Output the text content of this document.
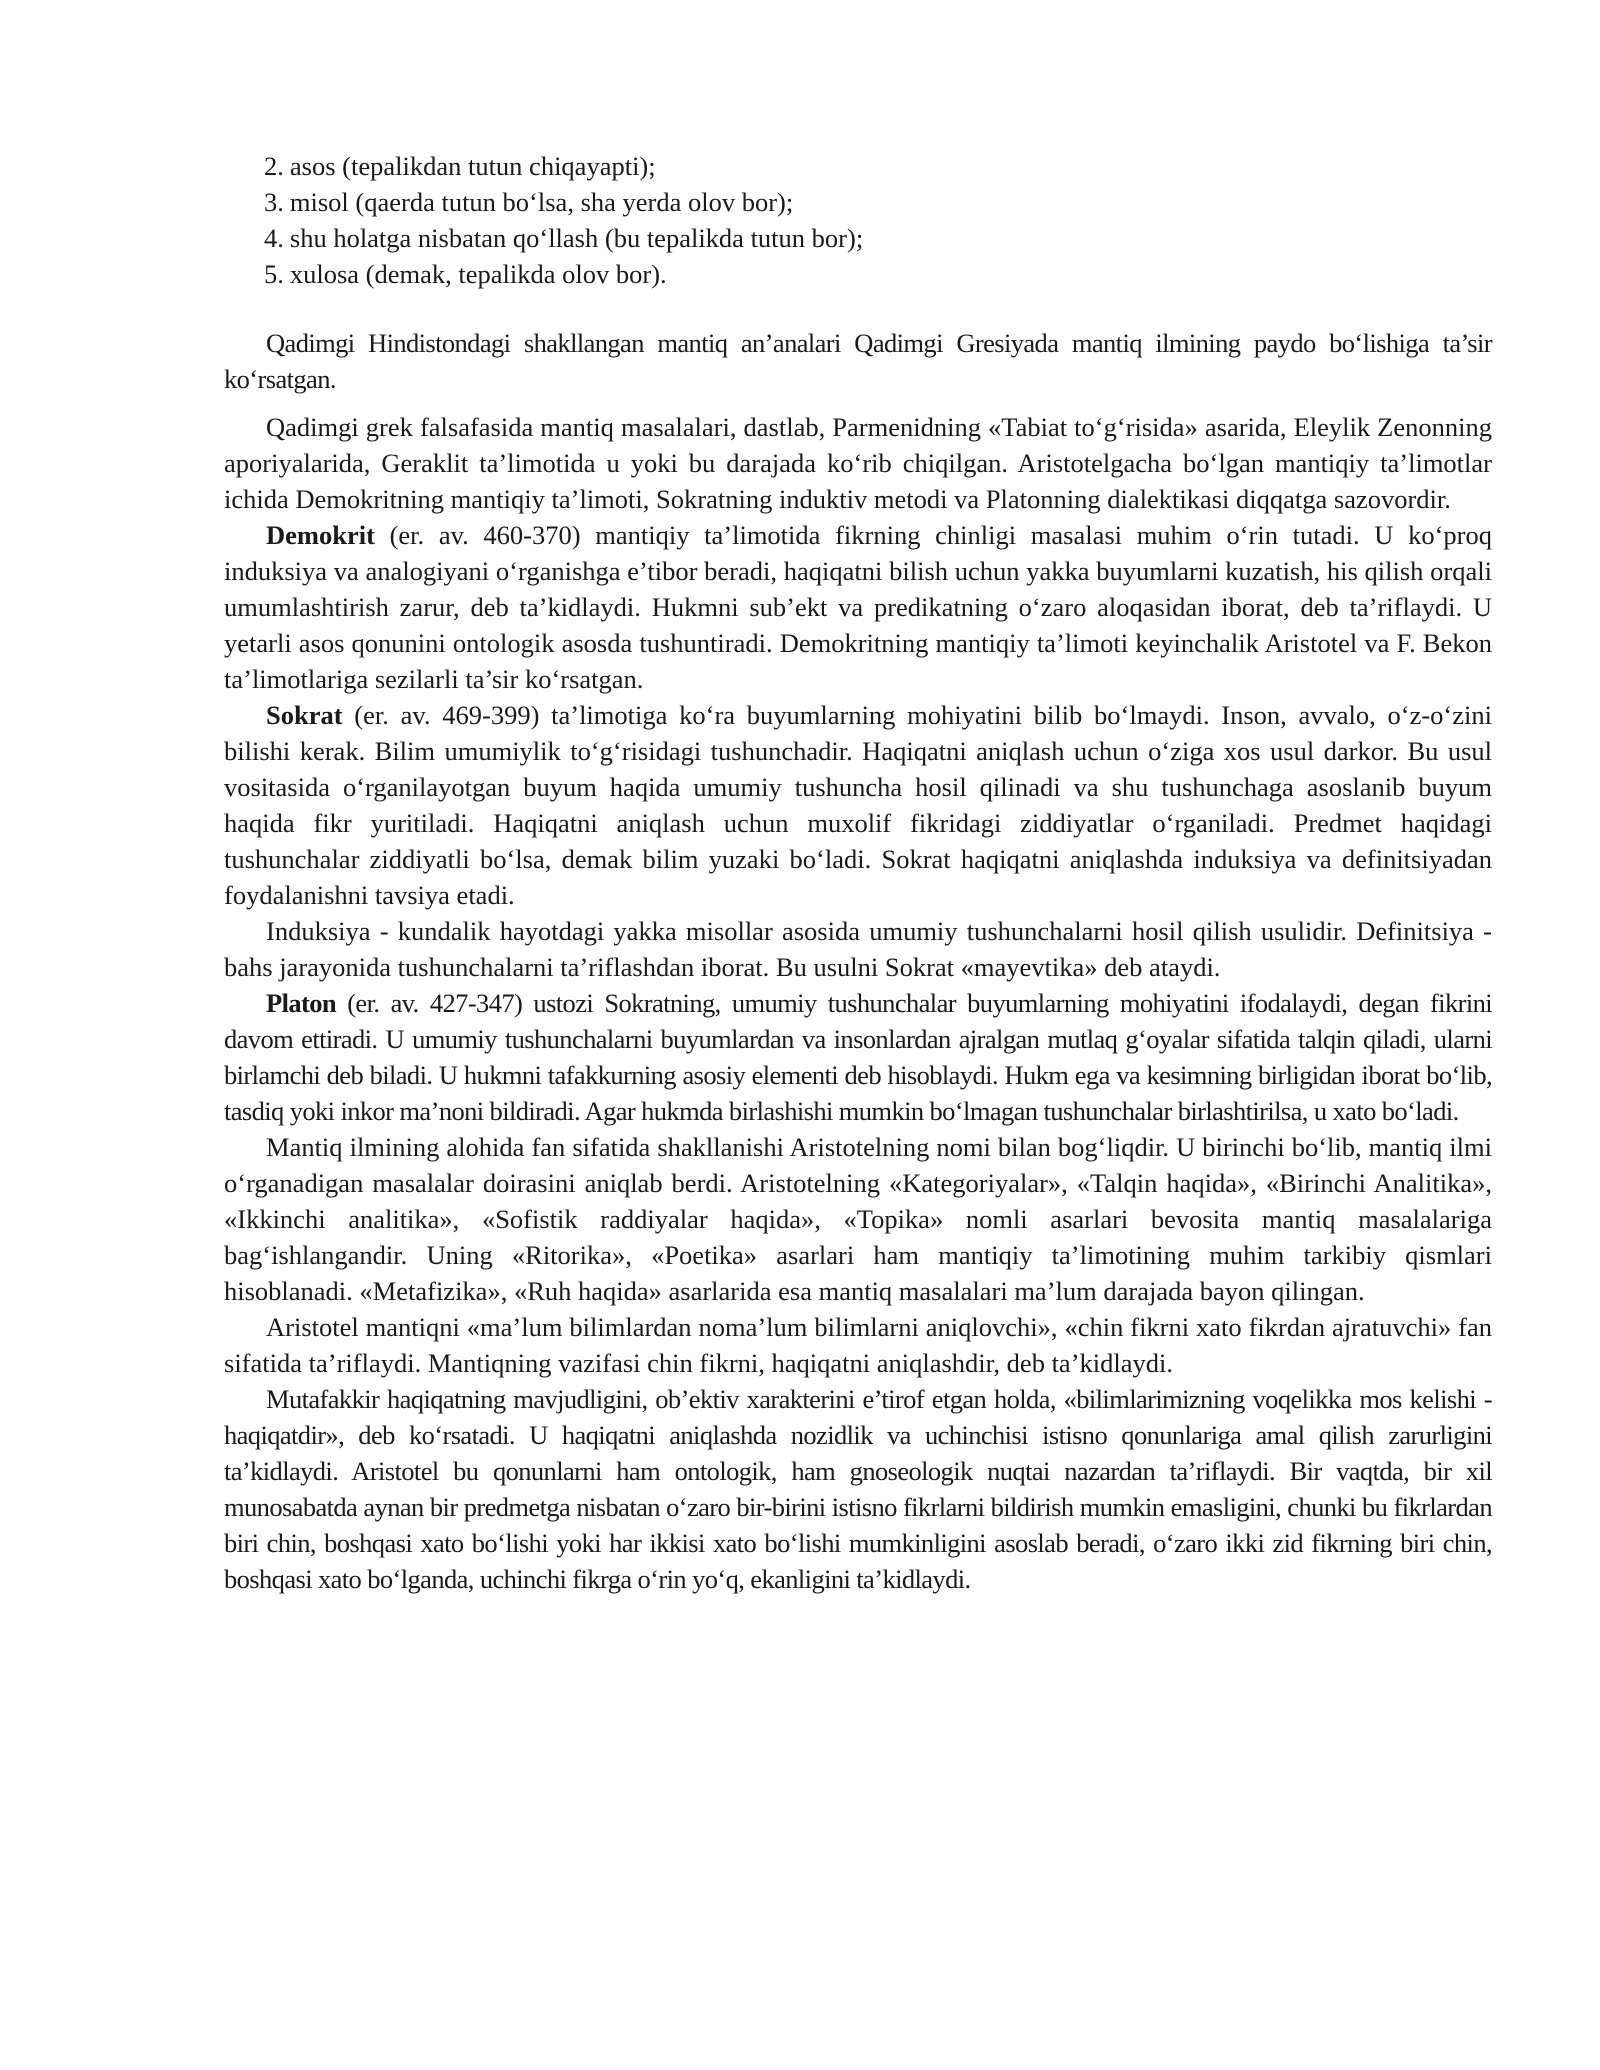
2. asos (tepalikdan tutun chiqayapti);
3. misol (qaerda tutun bo‘lsa, sha yerda olov bor);
4. shu holatga nisbatan qo‘llash (bu tepalikda tutun bor);
5. xulosa (demak, tepalikda olov bor).

Qadimgi Hindistondagi shakllangan mantiq an’analari Qadimgi Gresiyada mantiq ilmining paydo bo‘lishiga ta’sir ko‘rsatgan.

Qadimgi grek falsafasida mantiq masalalari, dastlab, Parmenidning «Tabiat to‘g‘risida» asarida, Eleylik Zenonning aporiyalarida, Geraklit ta’limotida u yoki bu darajada ko‘rib chiqilgan. Aristotelgacha bo‘lgan mantiqiy ta’limotlar ichida Demokritning mantiqiy ta’limoti, Sokratning induktiv metodi va Platonning dialektikasi diqqatga sazovordir.

Demokrit (er. av. 460-370) mantiqiy ta’limotida fikrning chinligi masalasi muhim o‘rin tutadi. U ko‘proq induksiya va analogiyani o‘rganishga e’tibor beradi, haqiqatni bilish uchun yakka buyumlarni kuzatish, his qilish orqali umumlashtirish zarur, deb ta’kidlaydi. Hukmni sub’ekt va predikatning o‘zaro aloqasidan iborat, deb ta’riflaydi. U yetarli asos qonunini ontologik asosda tushuntiradi. Demokritning mantiqiy ta’limoti keyinchalik Aristotel va F. Bekon ta’limotlariga sezilarli ta’sir ko‘rsatgan.

Sokrat (er. av. 469-399) ta’limotiga ko‘ra buyumlarning mohiyatini bilib bo‘lmaydi. Inson, avvalo, o‘z-o‘zini bilishi kerak. Bilim umumiylik to‘g‘risidagi tushunchadir. Haqiqatni aniqlash uchun o‘ziga xos usul darkor. Bu usul vositasida o‘rganilayotgan buyum haqida umumiy tushuncha hosil qilinadi va shu tushunchaga asoslanib buyum haqida fikr yuritiladi. Haqiqatni aniqlash uchun muxolif fikridagi ziddiyatlar o‘rganiladi. Predmet haqidagi tushunchalar ziddiyatli bo‘lsa, demak bilim yuzaki bo‘ladi. Sokrat haqiqatni aniqlashda induksiya va definitsiyadan foydalanishni tavsiya etadi.

Induksiya - kundalik hayotdagi yakka misollar asosida umumiy tushunchalarni hosil qilish usulidir. Definitsiya - bahs jarayonida tushunchalarni ta’riflashdan iborat. Bu usulni Sokrat «mayevtika» deb ataydi.

Platon (er. av. 427-347) ustozi Sokratning, umumiy tushunchalar buyumlarning mohiyatini ifodalaydi, degan fikrini davom ettiradi. U umumiy tushunchalarni buyumlardan va insonlardan ajralgan mutlaq g‘oyalar sifatida talqin qiladi, ularni birlamchi deb biladi. U hukmni tafakkurning asosiy elementi deb hisoblaydi. Hukm ega va kesimning birligidan iborat bo‘lib, tasdiq yoki inkor ma’noni bildiradi. Agar hukmda birlashishi mumkin bo‘lmagan tushunchalar birlashtirilsa, u xato bo‘ladi.

Mantiq ilmining alohida fan sifatida shakllanishi Aristotelning nomi bilan bog‘liqdir. U birinchi bo‘lib, mantiq ilmi o‘rganadigan masalalar doirasini aniqlab berdi. Aristotelning «Kategoriyalar», «Talqin haqida», «Birinchi Analitika», «Ikkinchi analitika», «Sofistik raddiyalar haqida», «Topika» nomli asarlari bevosita mantiq masalalariga bag‘ishlangandir. Uning «Ritorika», «Poetika» asarlari ham mantiqiy ta’limotining muhim tarkibiy qismlari hisoblanadi. «Metafizika», «Ruh haqida» asarlarida esa mantiq masalalari ma’lum darajada bayon qilingan.

Aristotel mantiqni «ma’lum bilimlardan noma’lum bilimlarni aniqlovchi», «chin fikrni xato fikrdan ajratuvchi» fan sifatida ta’riflaydi. Mantiqning vazifasi chin fikrni, haqiqatni aniqlashdir, deb ta’kidlaydi.

Mutafakkir haqiqatning mavjudligini, ob’ektiv xarakterini e’tirof etgan holda, «bilimlarimizning voqelikka mos kelishi - haqiqatdir», deb ko‘rsatadi. U haqiqatni aniqlashda nozidlik va uchinchisi istisno qonunlariga amal qilish zarurligini ta’kidlaydi. Aristotel bu qonunlarni ham ontologik, ham gnoseologik nuqtai nazardan ta’riflaydi. Bir vaqtda, bir xil munosabatda aynan bir predmetga nisbatan o‘zaro bir-birini istisno fikrlarni bildirish mumkin emasligini, chunki bu fikrlardan biri chin, boshqasi xato bo‘lishi yoki har ikkisi xato bo‘lishi mumkinligini asoslab beradi, o‘zaro ikki zid fikrning biri chin, boshqasi xato bo‘lganda, uchinchi fikrga o‘rin yo‘q, ekanligini ta’kidlaydi.
